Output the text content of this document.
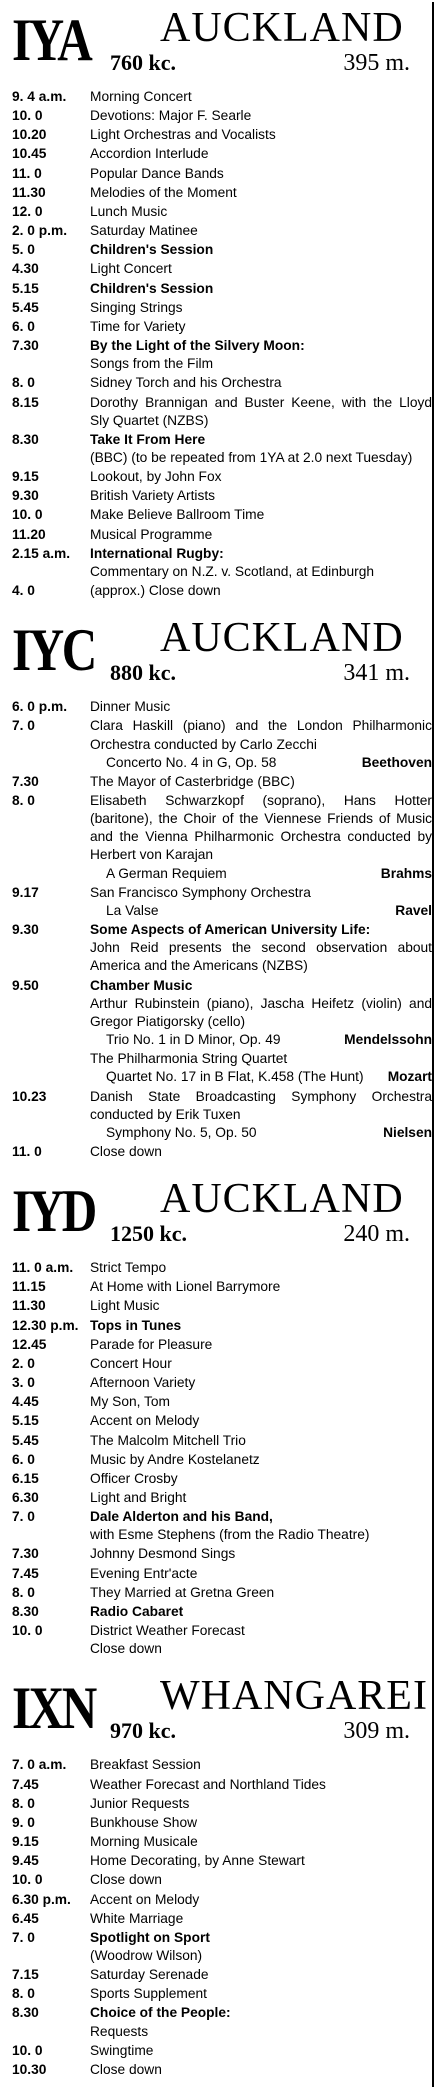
IYA AUCKLAND
760 kc.	395 m.
9. 4 a.m. Morning Concert
10. 0	Devotions: Major F. Searle
10.20	Light Orchestras and Vocalists
10.45	Accordion Interlude
11. 0	Popular Dance Bands
11.30	Melodies of the Moment
12. 0	Lunch Music
2. 0 p.m. Saturday Matinee
5. 0	Children's Session
4.30	Light Concert
5.15	Children's Session
5.45	Singing Strings
6. 0	Time for Variety
7.30	By the Light of the Silvery Moon:
Songs from the Film
8. 0	Sidney Torch and his Orchestra
8.15	Dorothy Brannigan and Buster Keene, with the Lloyd Sly Quartet (NZBS)
8.30	Take It From Here
(BBC) (to be repeated from 1YA at 2.0 next Tuesday)
9.15	Lookout, by John Fox
9.30	British Variety Artists
10. 0	Make Believe Ballroom Time
11.20	Musical Programme
2.15 a.m. International Rugby:
Commentary on N.Z. v. Scotland, at Edinburgh
4. 0	(approx.) Close down
IYC AUCKLAND
880 kc.	341 m.
6. 0 p.m. Dinner Music
7. 0	Clara Haskill (piano) and the London Philharmonic Orchestra conducted by Carlo Zecchi
Concerto No. 4 in G, Op. 58	Beethoven
7.30	The Mayor of Casterbridge (BBC)
8. 0	Elisabeth Schwarzkopf (soprano), Hans Hotter (baritone), the Choir of the Viennese Friends of Music and the Vienna Philharmonic Orchestra conducted by Herbert von Karajan
A German Requiem	Brahms
9.17	San Francisco Symphony Orchestra
La Valse	Ravel
9.30	Some Aspects of American University Life:
John Reid presents the second observation about America and the Americans (NZBS)
9.50	Chamber Music
Arthur Rubinstein (piano), Jascha Heifetz (violin) and Gregor Piatigorsky (cello)
Trio No. 1 in D Minor, Op. 49	Mendelssohn
The Philharmonia String Quartet
Quartet No. 17 in B Flat, K.458 (The Hunt)	Mozart
10.23	Danish State Broadcasting Symphony Orchestra conducted by Erik Tuxen
Symphony No. 5, Op. 50	Nielsen
11. 0	Close down
IYD AUCKLAND
1250 kc.	240 m.
11. 0 a.m. Strict Tempo
11.15	At Home with Lionel Barrymore
11.30	Light Music
12.30 p.m. Tops in Tunes
12.45	Parade for Pleasure
2. 0	Concert Hour
3. 0	Afternoon Variety
4.45	My Son, Tom
5.15	Accent on Melody
5.45	The Malcolm Mitchell Trio
6. 0	Music by Andre Kostelanetz
6.15	Officer Crosby
6.30	Light and Bright
7. 0	Dale Alderton and his Band,
with Esme Stephens (from the Radio Theatre)
7.30	Johnny Desmond Sings
7.45	Evening Entr'acte
8. 0	They Married at Gretna Green
8.30	Radio Cabaret
10. 0	District Weather Forecast
Close down
IXN WHANGAREI
970 kc.	309 m.
7. 0 a.m. Breakfast Session
7.45	Weather Forecast and Northland Tides
8. 0	Junior Requests
9. 0	Bunkhouse Show
9.15	Morning Musicale
9.45	Home Decorating, by Anne Stewart
10. 0	Close down
6.30 p.m. Accent on Melody
6.45	White Marriage
7. 0	Spotlight on Sport
(Woodrow Wilson)
7.15	Saturday Serenade
8. 0	Sports Supplement
8.30	Choice of the People:
Requests
10. 0	Swingtime
10.30	Close down
